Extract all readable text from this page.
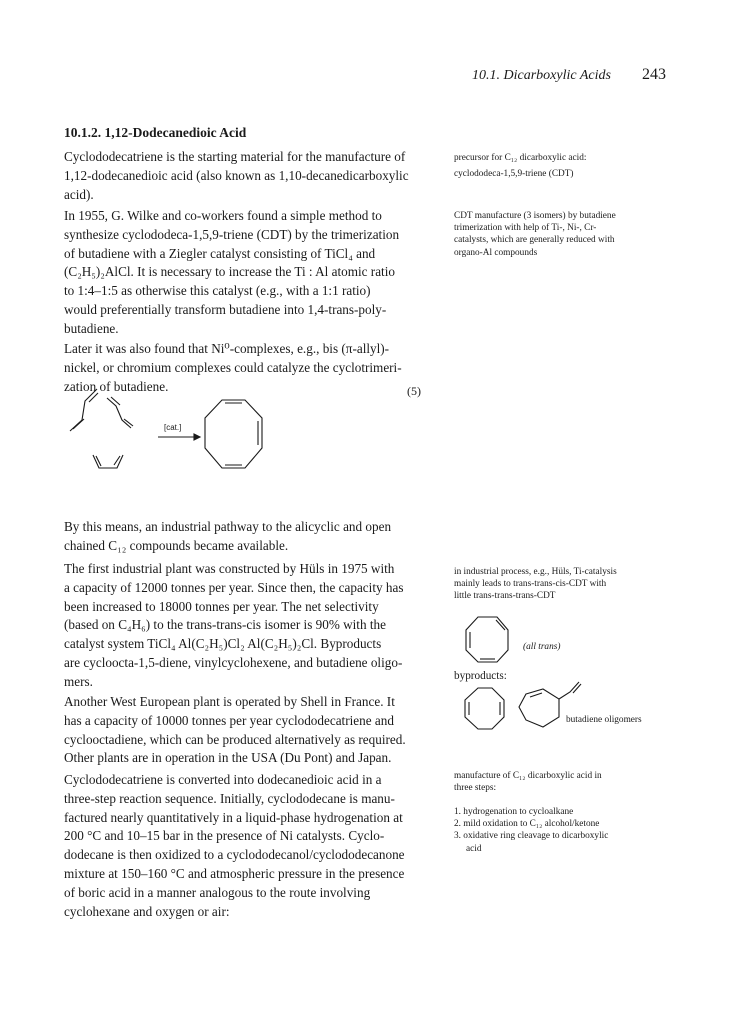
10.1. Dicarboxylic Acids 243
10.1.2. 1,12-Dodecanedioic Acid
Cyclododecatriene is the starting material for the manufacture of
1,12-dodecanedioic acid (also known as 1,10-decanedicarboxylic
acid).
In 1955, G. Wilke and co-workers found a simple method to
synthesize cyclododeca-1,5,9-triene (CDT) by the trimerization
of butadiene with a Ziegler catalyst consisting of TiCl₄ and
(C₂H₅)₂AlCl. It is necessary to increase the Ti : Al atomic ratio
to 1:4–1:5 as otherwise this catalyst (e.g., with a 1:1 ratio)
would preferentially transform butadiene into 1,4-trans-poly-
butadiene.
Later it was also found that Ni⁰-complexes, e.g., bis (π-allyl)-
nickel, or chromium complexes could catalyze the cyclotrimeri-
zation of butadiene.
[cat.]
(5)
By this means, an industrial pathway to the alicyclic and open
chained C₁₂ compounds became available.
The first industrial plant was constructed by Hüls in 1975 with
a capacity of 12000 tonnes per year. Since then, the capacity has
been increased to 18000 tonnes per year. The net selectivity
(based on C₄H₆) to the trans-trans-cis isomer is 90% with the
catalyst system TiCl₄ Al(C₂H₅)Cl₂ Al(C₂H₅)₂Cl. Byproducts
are cycloocta-1,5-diene, vinylcyclohexene, and butadiene oligo-
mers.
Another West European plant is operated by Shell in France. It
has a capacity of 10000 tonnes per year cyclododecatriene and
cyclooctadiene, which can be produced alternatively as required.
Other plants are in operation in the USA (Du Pont) and Japan.
Cyclododecatriene is converted into dodecanedioic acid in a
three-step reaction sequence. Initially, cyclododecane is manu-
factured nearly quantitatively in a liquid-phase hydrogenation at
200 °C and 10–15 bar in the presence of Ni catalysts. Cyclo-
dodecane is then oxidized to a cyclododecanol/cyclododecanone
mixture at 150–160 °C and atmospheric pressure in the presence
of boric acid in a manner analogous to the route involving
cyclohexane and oxygen or air:
precursor for C₁₂ dicarboxylic acid:
cyclododeca-1,5,9-triene (CDT)
CDT manufacture (3 isomers) by butadiene
trimerization with help of Ti-, Ni-, Cr-
catalysts, which are generally reduced with
organo-Al compounds
in industrial process, e.g., Hüls, Ti-catalysis
mainly leads to trans-trans-cis-CDT with
little trans-trans-trans-CDT
(all trans)
byproducts:
butadiene oligomers
manufacture of C₁₂ dicarboxylic acid in
three steps:
1. hydrogenation to cycloalkane
2. mild oxidation to C₁₂ alcohol/ketone
3. oxidative ring cleavage to dicarboxylic
acid
